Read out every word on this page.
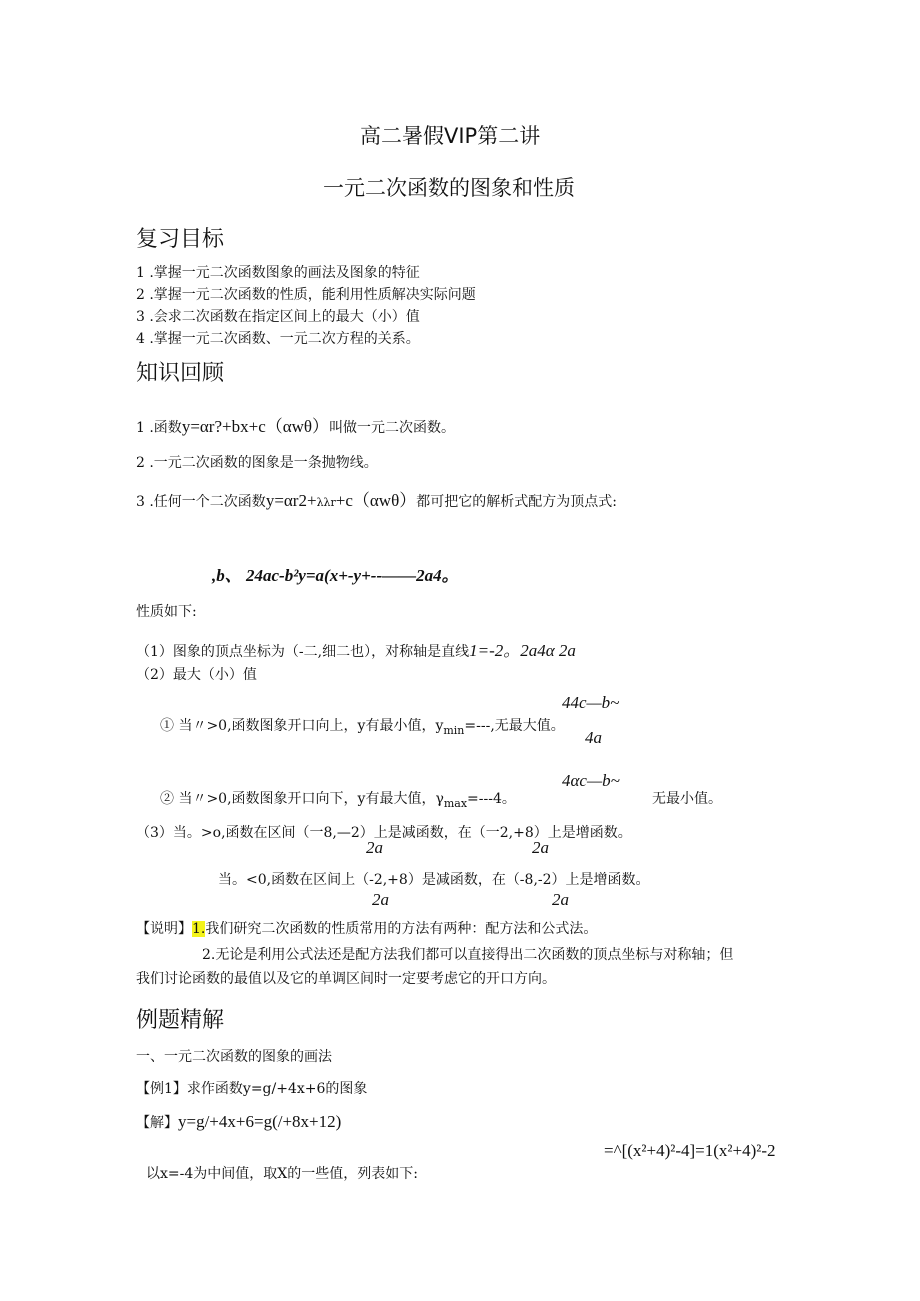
高二暑假VIP第二讲
一元二次函数的图象和性质
复习目标
1 .掌握一元二次函数图象的画法及图象的特征
2 .掌握一元二次函数的性质，能利用性质解决实际问题
3 .会求二次函数在指定区间上的最大（小）值
4 .掌握一元二次函数、一元二次方程的关系。
知识回顾
1 .函数y=αr?+bx+c（αwθ）叫做一元二次函数。
2 .一元二次函数的图象是一条抛物线。
3 .任何一个二次函数y=αr2+λλr+c（αwθ）都可把它的解析式配方为顶点式:
,b、 24ac-b²y=a(x+-y+--——2a4。
性质如下:
（1）图象的顶点坐标为（-二,细二也），对称轴是直线1=-2。2a4α 2a
（2）最大（小）值
44c—b~
① 当〃>0,函数图象开口向上，y有最小值，$y_{min}=---$,无最大值。
4a
4αc—b~
② 当〃>0,函数图象开口向下，y有最大值，$\gamma_{max}=---4$。	无最小值。
（3）当。>o,函数在区间（一8,—2）上是减函数，在（一2,+8）上是增函数。
2a	2a
当。<0,函数在区间上（-2,+8）是减函数，在（-8,-2）上是增函数。
2a	2a
【说明】1.我们研究二次函数的性质常用的方法有两种：配方法和公式法。
2.无论是利用公式法还是配方法我们都可以直接得出二次函数的顶点坐标与对称轴；但
我们讨论函数的最值以及它的单调区间时一定要考虑它的开口方向。
例题精解
一、一元二次函数的图象的画法
【例1】求作函数y=g/+4x+6的图象
【解】y=g/+4x+6=g(/+8x+12)
=^[(x²+4)²-4]=1(x²+4)²-2
以x=-4为中间值，取X的一些值，列表如下:
